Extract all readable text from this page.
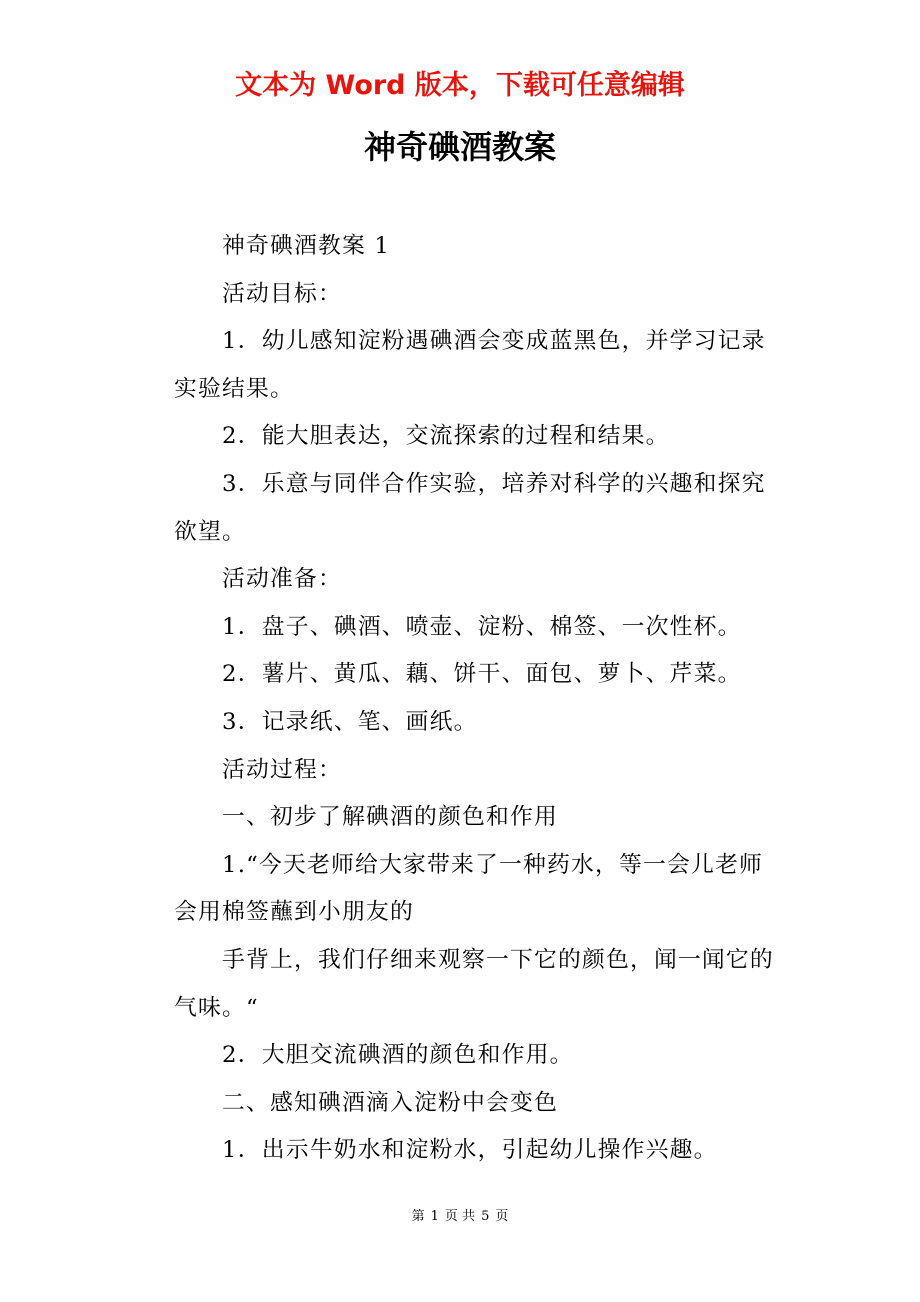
文本为 Word 版本，下载可任意编辑
神奇碘酒教案

神奇碘酒教案 1

活动目标：

1．幼儿感知淀粉遇碘酒会变成蓝黑色，并学习记录实验结果。

2．能大胆表达，交流探索的过程和结果。

3．乐意与同伴合作实验，培养对科学的兴趣和探究欲望。

活动准备：

1．盘子、碘酒、喷壶、淀粉、棉签、一次性杯。

2．薯片、黄瓜、藕、饼干、面包、萝卜、芹菜。

3．记录纸、笔、画纸。

活动过程：

一、初步了解碘酒的颜色和作用

1.“今天老师给大家带来了一种药水，等一会儿老师会用棉签蘸到小朋友的

手背上，我们仔细来观察一下它的颜色，闻一闻它的气味。“

2．大胆交流碘酒的颜色和作用。

二、感知碘酒滴入淀粉中会变色

1．出示牛奶水和淀粉水，引起幼儿操作兴趣。

第 1 页 共 5 页
